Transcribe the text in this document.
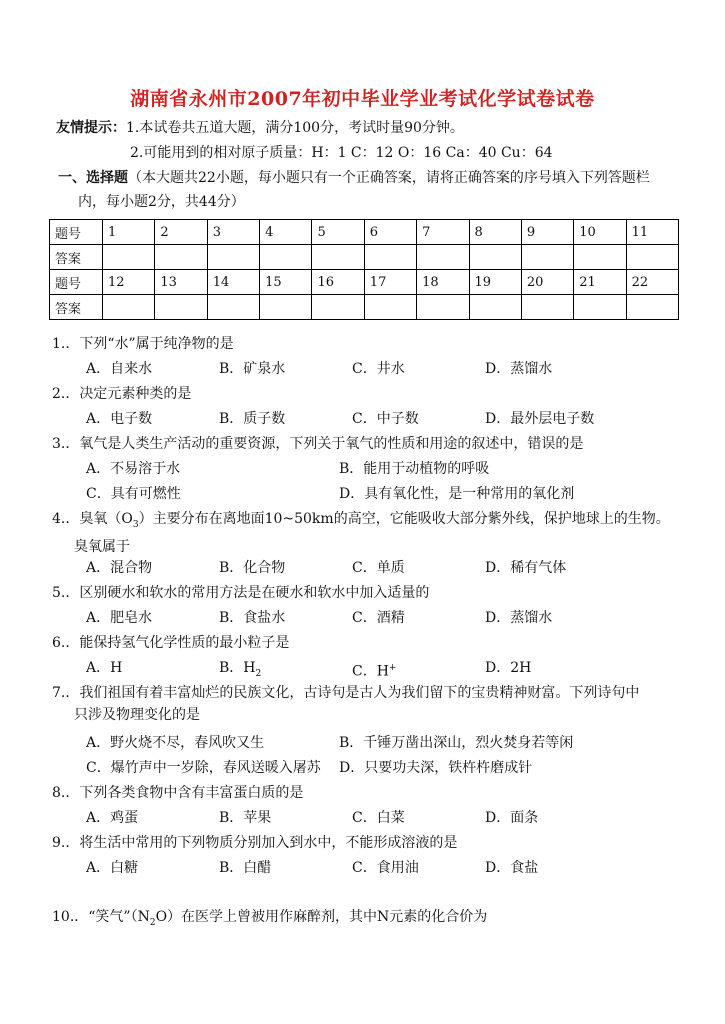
湖南省永州市2007年初中毕业学业考试化学试卷试卷
友情提示：1.本试卷共五道大题，满分100分，考试时量90分钟。
2.可能用到的相对原子质量：H：1 C：12 O：16 Ca：40 Cu：64
一、选择题（本大题共22小题，每小题只有一个正确答案，请将正确答案的序号填入下列答题栏
内，每小题2分，共44分）
题号	1	2	3	4	5	6	7	8	9	10	11
答案											
题号	12	13	14	15	16	17	18	19	20	21	22
答案											
1.．下列“水”属于纯净物的是
A．自来水	B．矿泉水	C．井水	D．蒸馏水
2.．决定元素种类的是
A．电子数	B．质子数	C．中子数	D．最外层电子数
3.．氧气是人类生产活动的重要资源，下列关于氧气的性质和用途的叙述中，错误的是
A．不易溶于水	B．能用于动植物的呼吸
C．具有可燃性	D．具有氧化性，是一种常用的氧化剂
4.．臭氧$(O_3)$主要分布在离地面10~50km的高空，它能吸收大部分紫外线，保护地球上的生物。
臭氧属于
A．混合物	B．化合物	C．单质	D．稀有气体
5.．区别硬水和软水的常用方法是在硬水和软水中加入适量的
A．肥皂水	B．食盐水	C．酒精	D．蒸馏水
6.．能保持氢气化学性质的最小粒子是
A．H	B．$H_2$	C．H+	D．2H
7.．我们祖国有着丰富灿烂的民族文化，古诗句是古人为我们留下的宝贵精神财富。下列诗句中
只涉及物理变化的是
A．野火烧不尽，春风吹又生	B．千锤万凿出深山，烈火焚身若等闲
C．爆竹声中一岁除，春风送暖入屠苏	D．只要功夫深，铁杵杵磨成针
8.．下列各类食物中含有丰富蛋白质的是
A．鸡蛋	B．苹果	C．白菜	D．面条
9.．将生活中常用的下列物质分别加入到水中，不能形成溶液的是
A．白糖	B．白醋	C．食用油	D．食盐
10.．“笑气$”(N_2O)$在医学上曾被用作麻醉剂，其中N元素的化合价为
